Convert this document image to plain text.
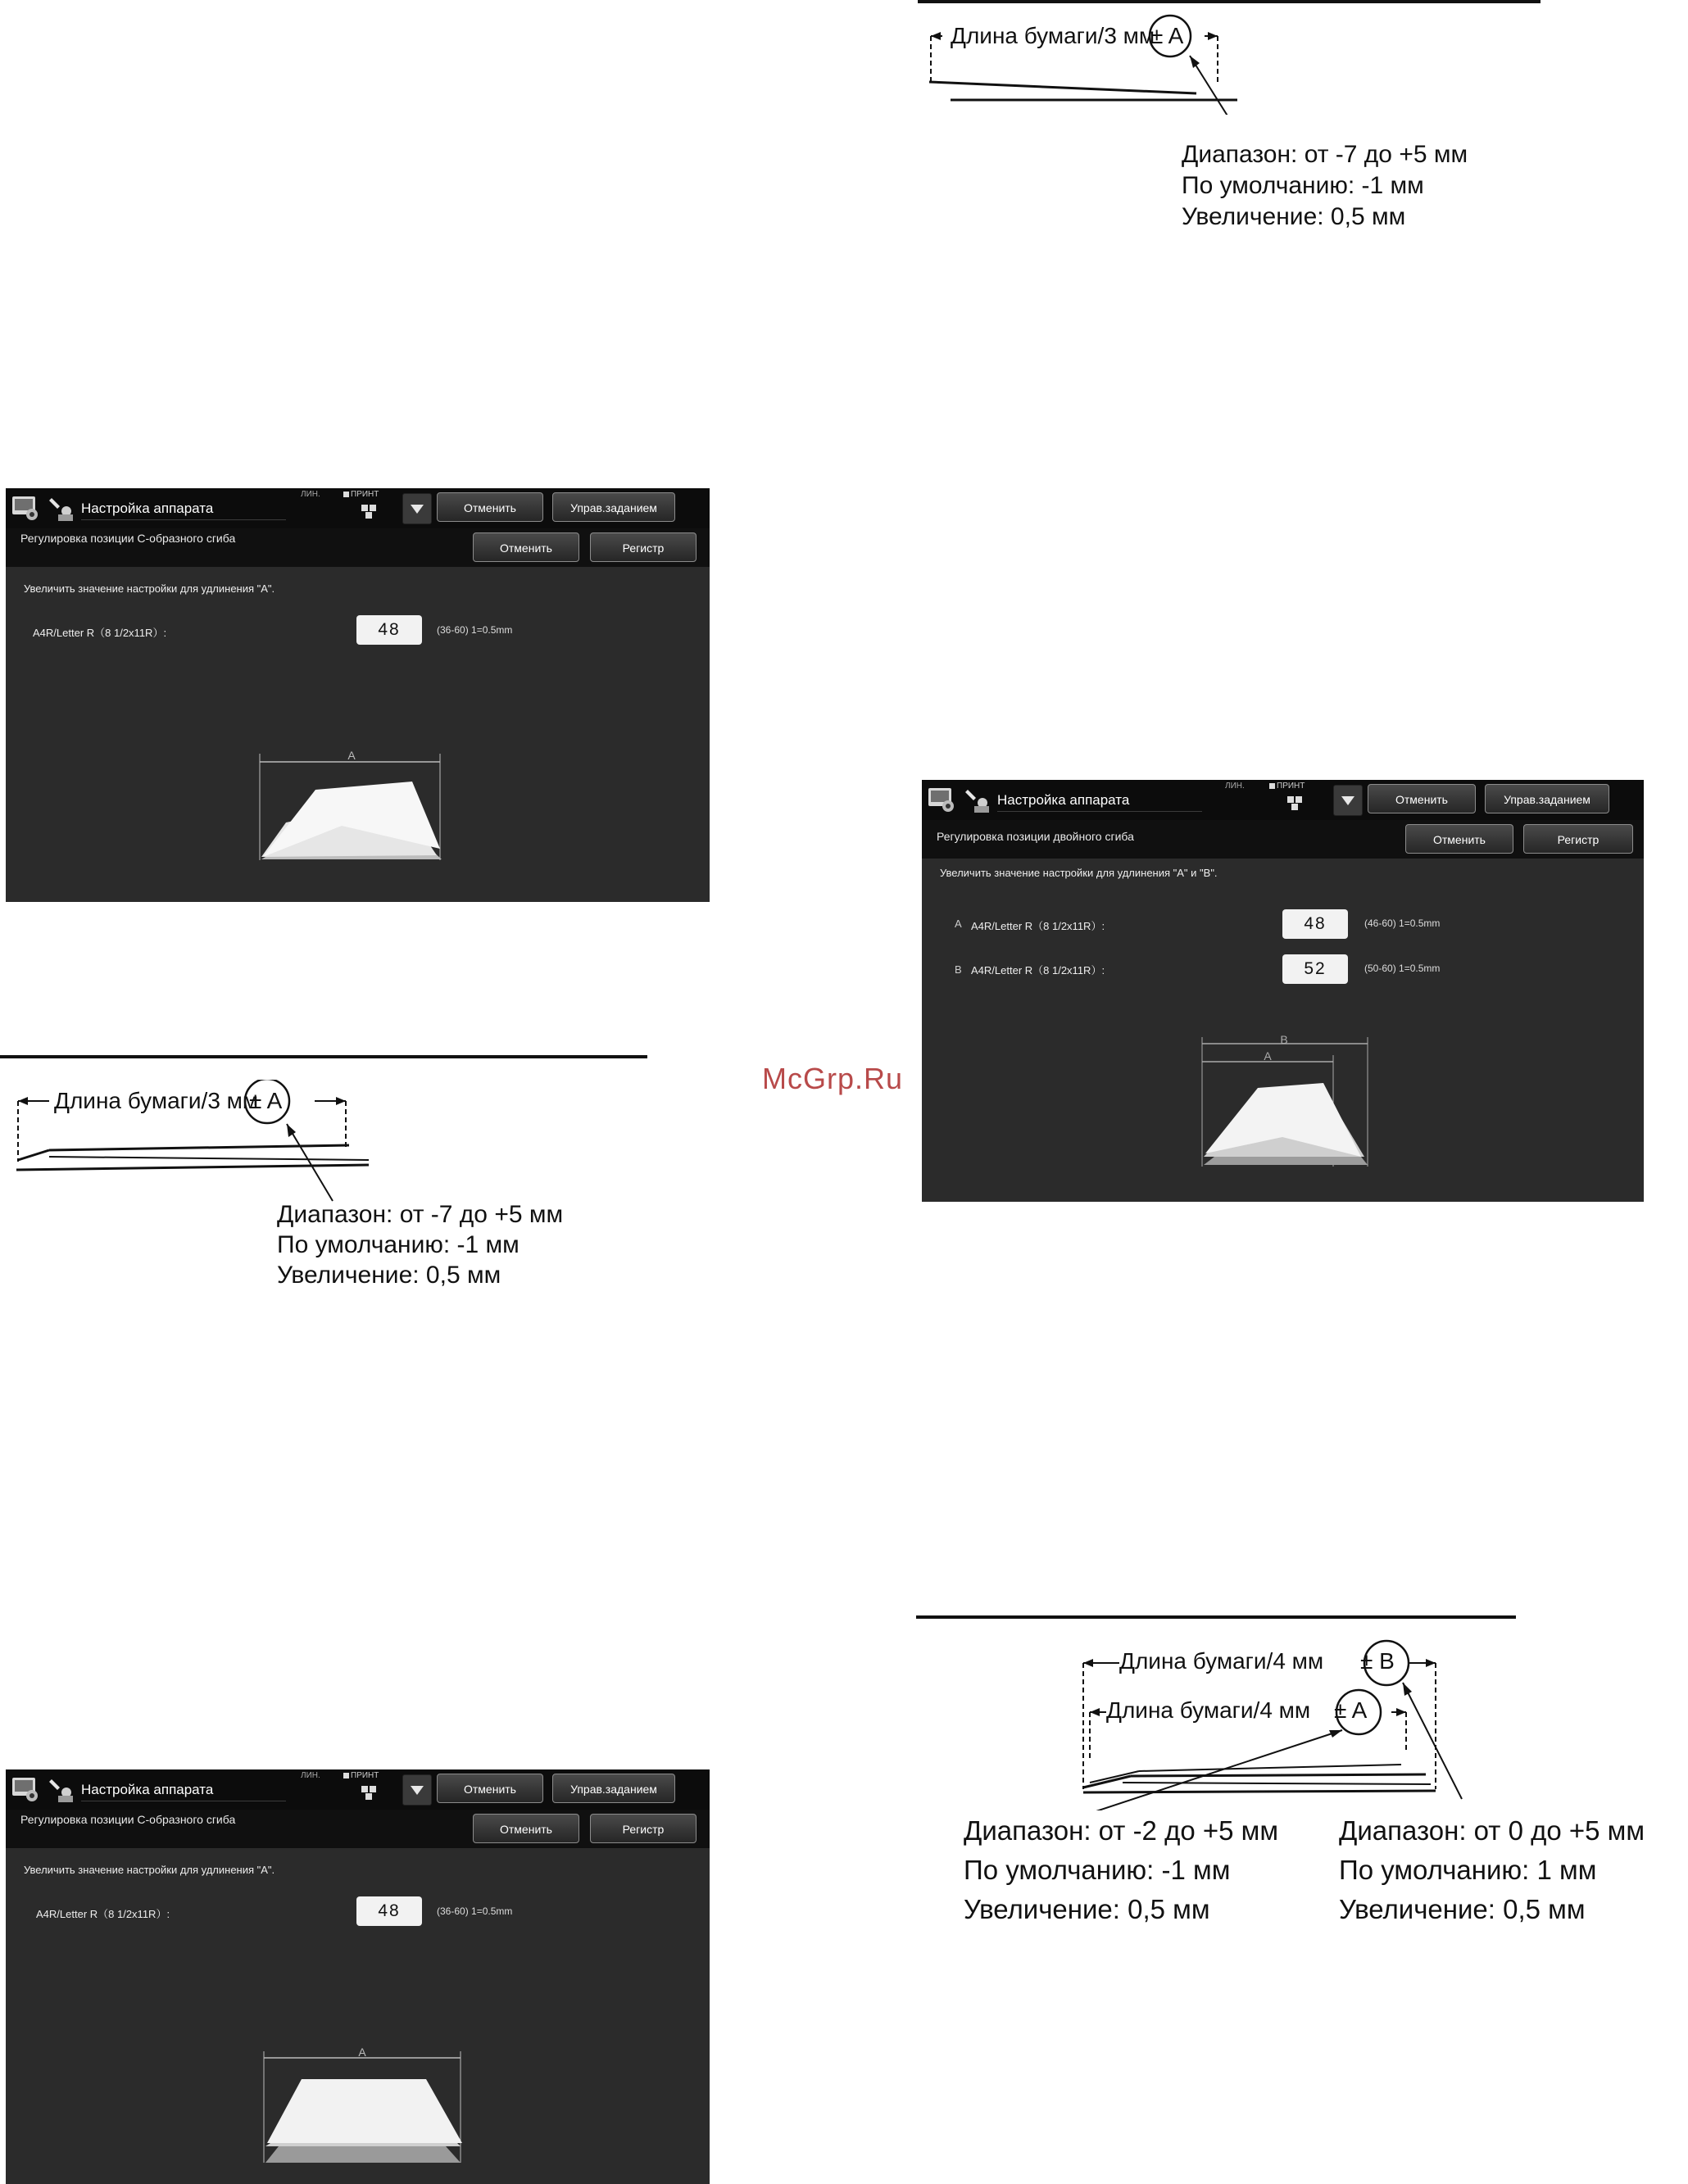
Настройка аппарата
ЛИН.	ПРИНТ
Отменить	Управ.заданием
Регулировка позиции С-образного сгиба
Отменить	Регистр
Увеличить значение настройки для удлинения "A".
A4R/Letter R（8 1/2x11R）:	48	(36-60) 1=0.5mm
A
Настройка аппарата
ЛИН.	ПРИНТ
Отменить	Управ.заданием
Регулировка позиции С-образного сгиба
Отменить	Регистр
Увеличить значение настройки для удлинения "A".
A4R/Letter R（8 1/2x11R）:	48	(36-60) 1=0.5mm
A
Настройка аппарата
ЛИН.	ПРИНТ
Отменить	Управ.заданием
Регулировка позиции двойного сгиба	Отменить	Регистр
Увеличить значение настройки для удлинения "A" и "B".
A A4R/Letter R（8 1/2x11R）:	48	(46-60) 1=0.5mm
B A4R/Letter R（8 1/2x11R）:	52	(50-60) 1=0.5mm
B
A
McGrp.Ru
Длина бумаги/3 мм
± A
Диапазон: от -7 до +5 мм
По умолчанию: -1 мм
Увеличение: 0,5 мм
Длина бумаги/3 мм
± A
Диапазон: от -7 до +5 мм
По умолчанию: -1 мм
Увеличение: 0,5 мм
Длина бумаги/4 мм ± B
Длина бумаги/4 мм ± A
Диапазон: от -2 до +5 мм
По умолчанию: -1 мм
Увеличение: 0,5 мм
Диапазон: от 0 до +5 мм
По умолчанию: 1 мм
Увеличение: 0,5 мм
